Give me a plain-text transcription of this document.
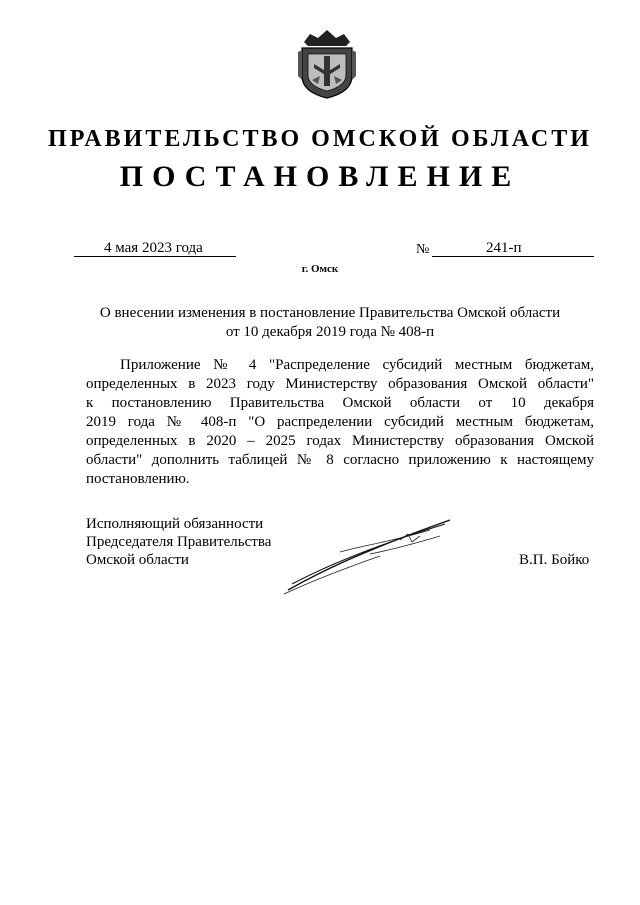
ПРАВИТЕЛЬСТВО ОМСКОЙ ОБЛАСТИ
ПОСТАНОВЛЕНИЕ
4 мая 2023 года	№	241-п
г. Омск
О внесении изменения в постановление Правительства Омской области
от 10 декабря 2019 года № 408-п
Приложение № 4 "Распределение субсидий местным бюджетам,
определенных в 2023 году Министерству образования Омской области"
к постановлению Правительства Омской области от 10 декабря
2019 года № 408-п "О распределении субсидий местным бюджетам,
определенных в 2020 – 2025 годах Министерству образования Омской
области" дополнить таблицей № 8 согласно приложению к настоящему
постановлению.
Исполняющий обязанности
Председателя Правительства
Омской области	В.П. Бойко
